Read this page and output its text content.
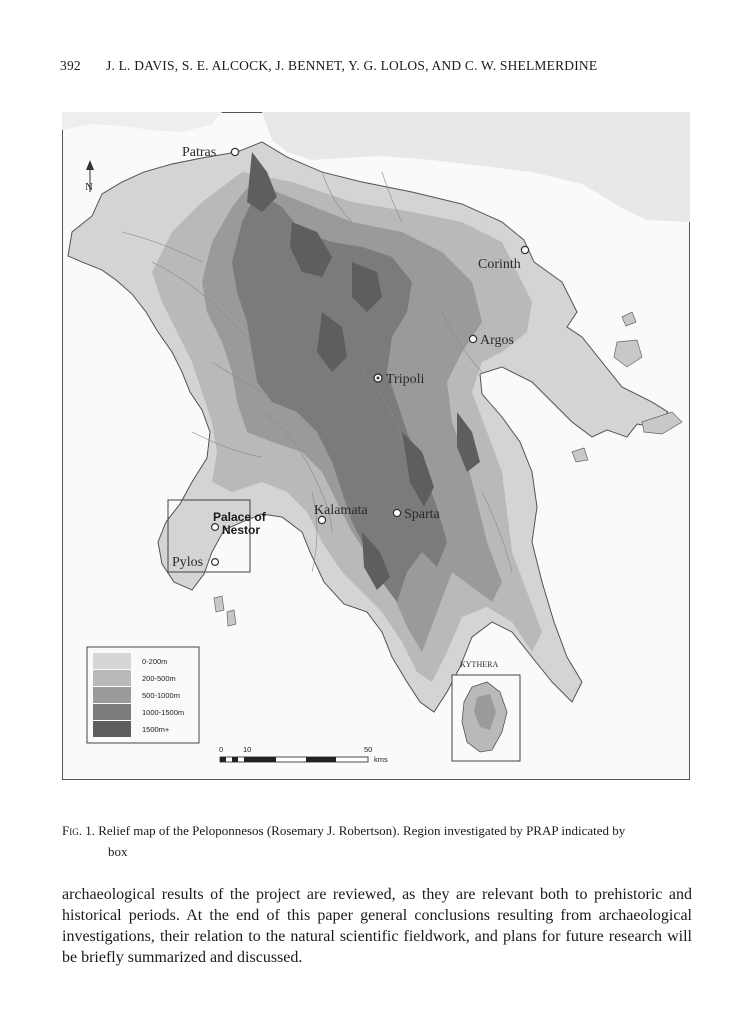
392 J. L. DAVIS, S. E. ALCOCK, J. BENNET, Y. G. LOLOS, AND C. W. SHELMERDINE
N
Patras
Corinth
Argos
Tripoli
Kalamata	Sparta
Palace of
Nestor
Pylos
KYTHERA
0-200m
200-500m
500-1000m
1000-1500m
1500m+
0	10	50
kms
Fig. 1. Relief map of the Peloponnesos (Rosemary J. Robertson). Region investigated by PRAP indicated by
box
archaeological results of the project are reviewed, as they are relevant both to prehistoric and historical periods. At the end of this paper general conclusions resulting from archaeological investigations, their relation to the natural scientific fieldwork, and plans for future research will be briefly summarized and discussed.
